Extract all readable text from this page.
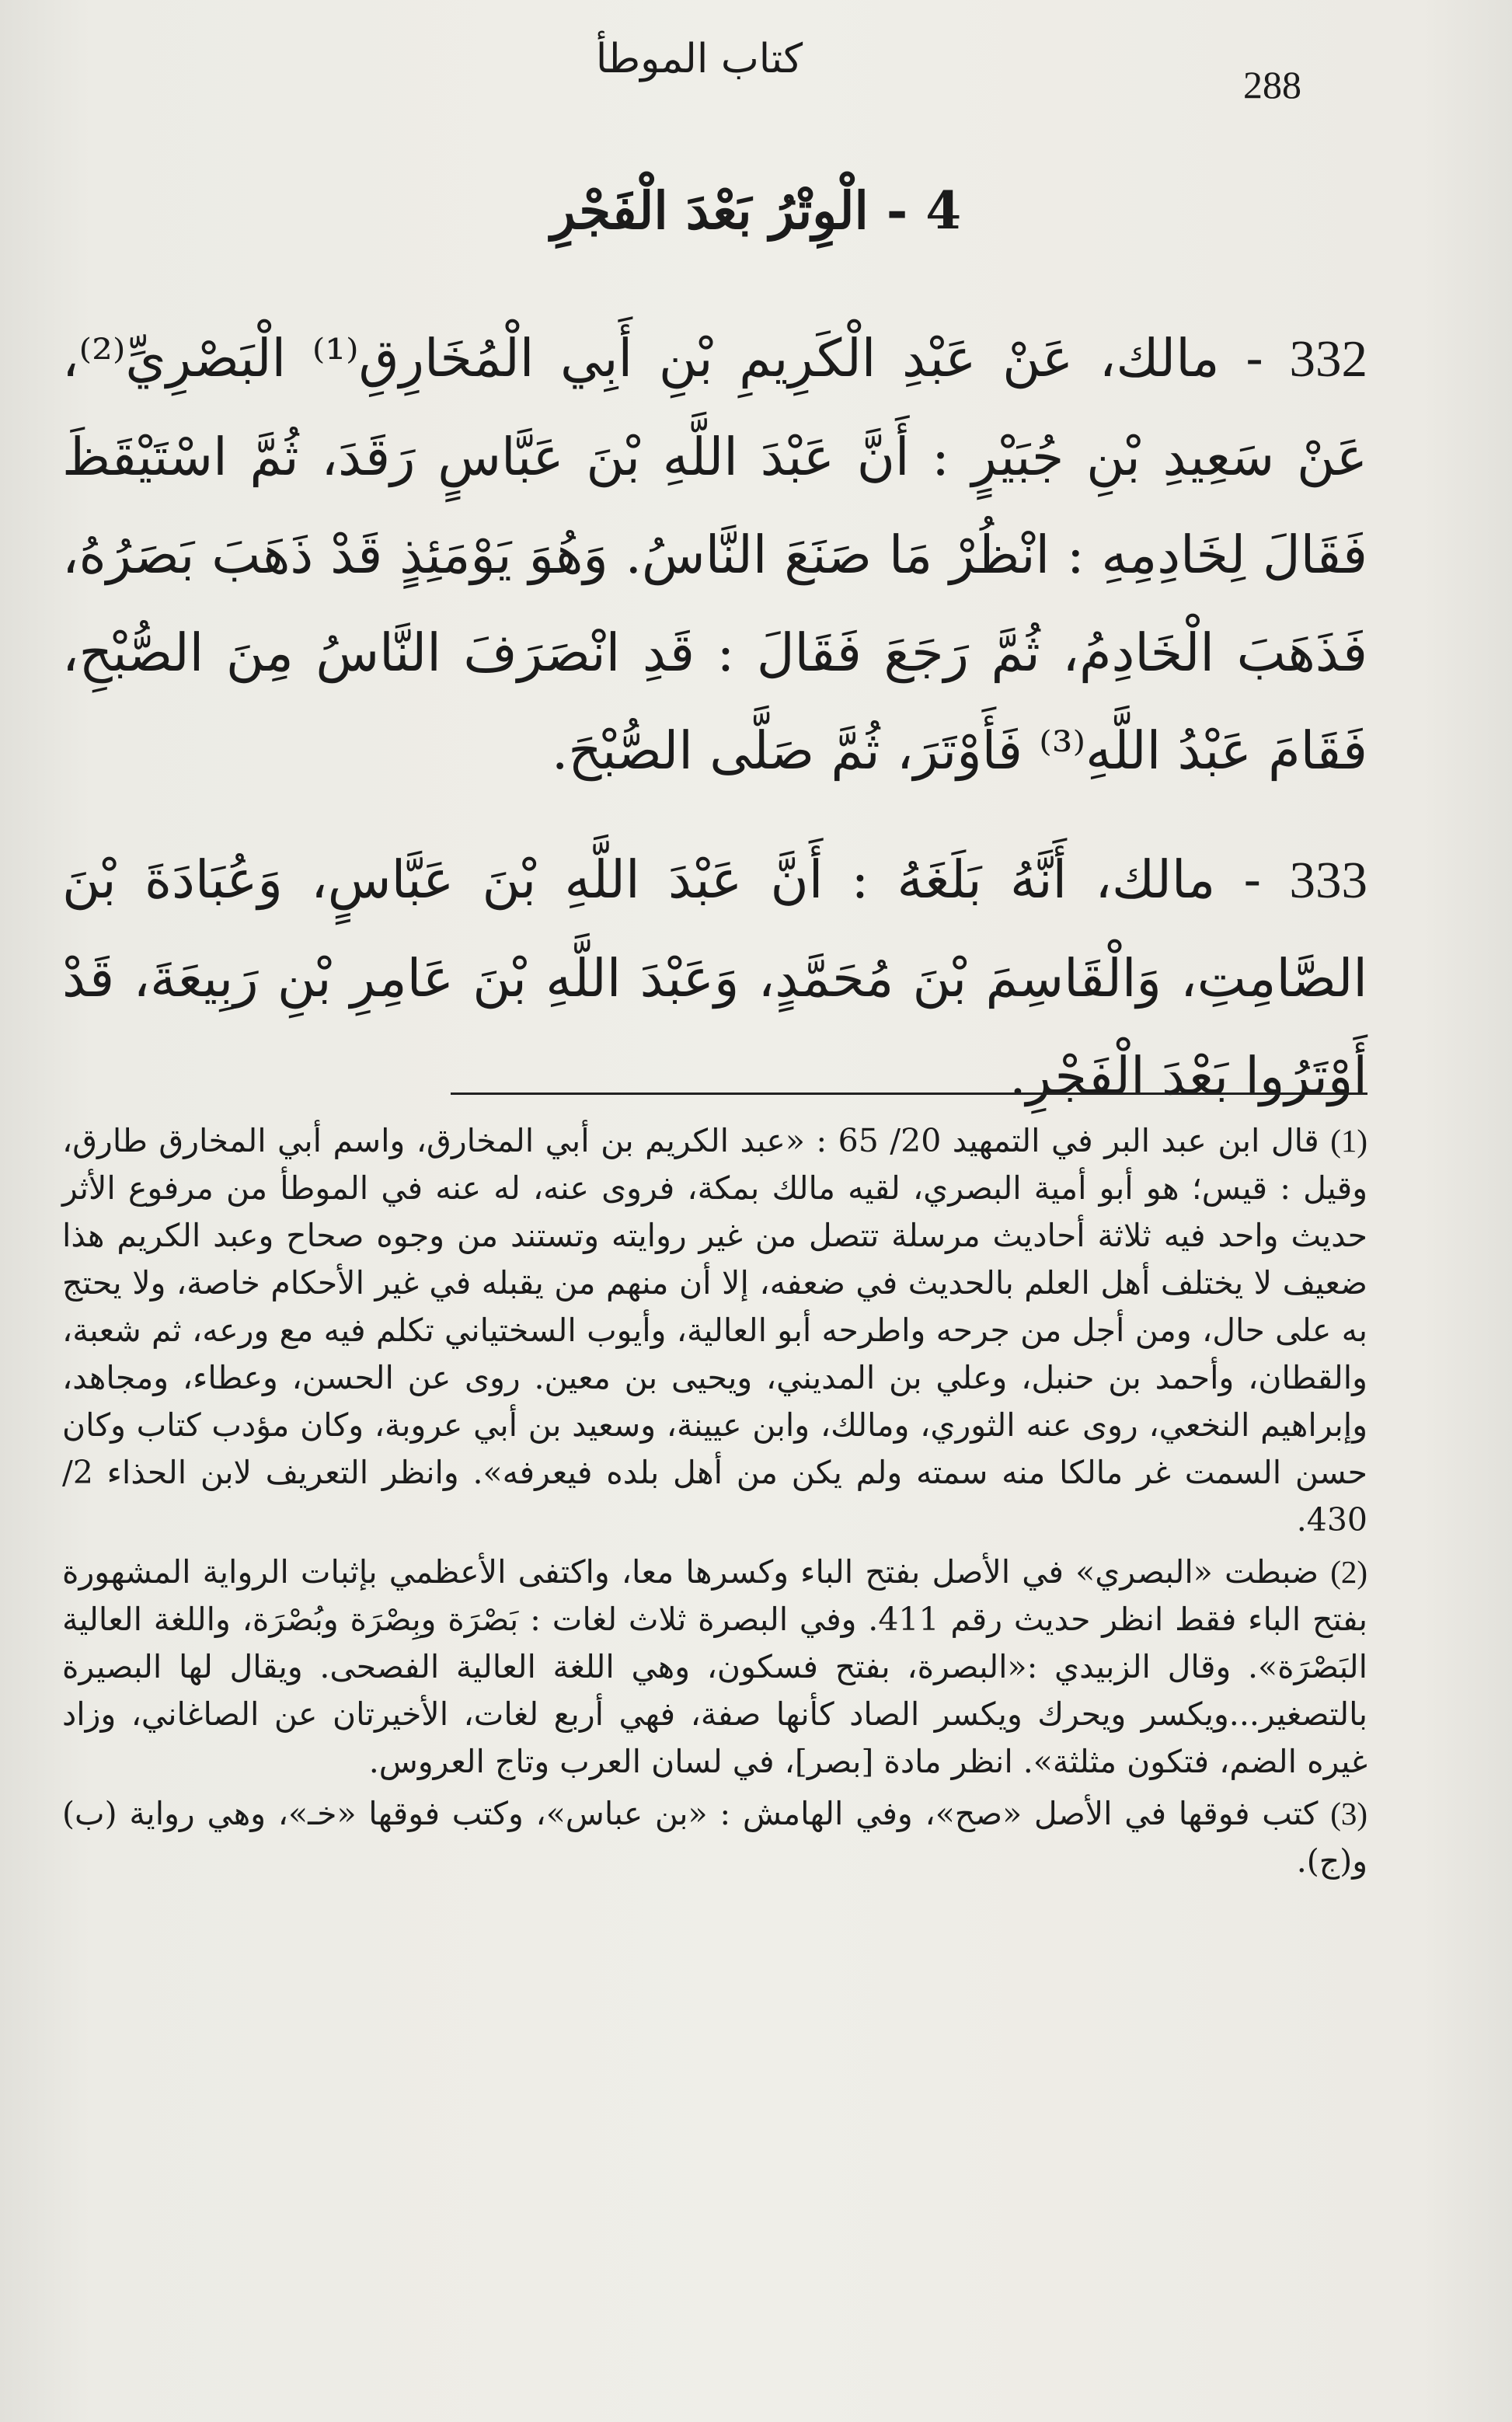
كتاب الموطأ
288
4 - الْوِتْرُ بَعْدَ الْفَجْرِ

332 - مالك، عَنْ عَبْدِ الْكَرِيمِ بْنِ أَبِي الْمُخَارِقِ⁽¹⁾ الْبَصْرِيِّ⁽²⁾، عَنْ سَعِيدِ بْنِ جُبَيْرٍ : أَنَّ عَبْدَ اللَّهِ بْنَ عَبَّاسٍ رَقَدَ، ثُمَّ اسْتَيْقَظَ فَقَالَ لِخَادِمِهِ : انْظُرْ مَا صَنَعَ النَّاسُ. وَهُوَ يَوْمَئِذٍ قَدْ ذَهَبَ بَصَرُهُ، فَذَهَبَ الْخَادِمُ، ثُمَّ رَجَعَ فَقَالَ : قَدِ انْصَرَفَ النَّاسُ مِنَ الصُّبْحِ، فَقَامَ عَبْدُ اللَّهِ⁽³⁾ فَأَوْتَرَ، ثُمَّ صَلَّى الصُّبْحَ.

333 - مالك، أَنَّهُ بَلَغَهُ : أَنَّ عَبْدَ اللَّهِ بْنَ عَبَّاسٍ، وَعُبَادَةَ بْنَ الصَّامِتِ، وَالْقَاسِمَ بْنَ مُحَمَّدٍ، وَعَبْدَ اللَّهِ بْنَ عَامِرِ بْنِ رَبِيعَةَ، قَدْ أَوْتَرُوا بَعْدَ الْفَجْرِ.

(1) قال ابن عبد البر في التمهيد 20/ 65 : «عبد الكريم بن أبي المخارق، واسم أبي المخارق طارق، وقيل : قيس؛ هو أبو أمية البصري، لقيه مالك بمكة، فروى عنه، له عنه في الموطأ من مرفوع الأثر حديث واحد فيه ثلاثة أحاديث مرسلة تتصل من غير روايته وتستند من وجوه صحاح وعبد الكريم هذا ضعيف لا يختلف أهل العلم بالحديث في ضعفه، إلا أن منهم من يقبله في غير الأحكام خاصة، ولا يحتج به على حال، ومن أجل من جرحه واطرحه أبو العالية، وأيوب السختياني تكلم فيه مع ورعه، ثم شعبة، والقطان، وأحمد بن حنبل، وعلي بن المديني، ويحيى بن معين. روى عن الحسن، وعطاء، ومجاهد، وإبراهيم النخعي، روى عنه الثوري، ومالك، وابن عيينة، وسعيد بن أبي عروبة، وكان مؤدب كتاب وكان حسن السمت غر مالكا منه سمته ولم يكن من أهل بلده فيعرفه». وانظر التعريف لابن الحذاء 2/ 430.

(2) ضبطت «البصري» في الأصل بفتح الباء وكسرها معا، واكتفى الأعظمي بإثبات الرواية المشهورة بفتح الباء فقط انظر حديث رقم 411. وفي البصرة ثلاث لغات : بَصْرَة وبِصْرَة وبُصْرَة، واللغة العالية البَصْرَة». وقال الزبيدي :«البصرة، بفتح فسكون، وهي اللغة العالية الفصحى. ويقال لها البصيرة بالتصغير...ويكسر ويحرك ويكسر الصاد كأنها صفة، فهي أربع لغات، الأخيرتان عن الصاغاني، وزاد غيره الضم، فتكون مثلثة». انظر مادة [بصر]، في لسان العرب وتاج العروس.

(3) كتب فوقها في الأصل «صح»، وفي الهامش : «بن عباس»، وكتب فوقها «خـ»، وهي رواية (ب) و(ج).
